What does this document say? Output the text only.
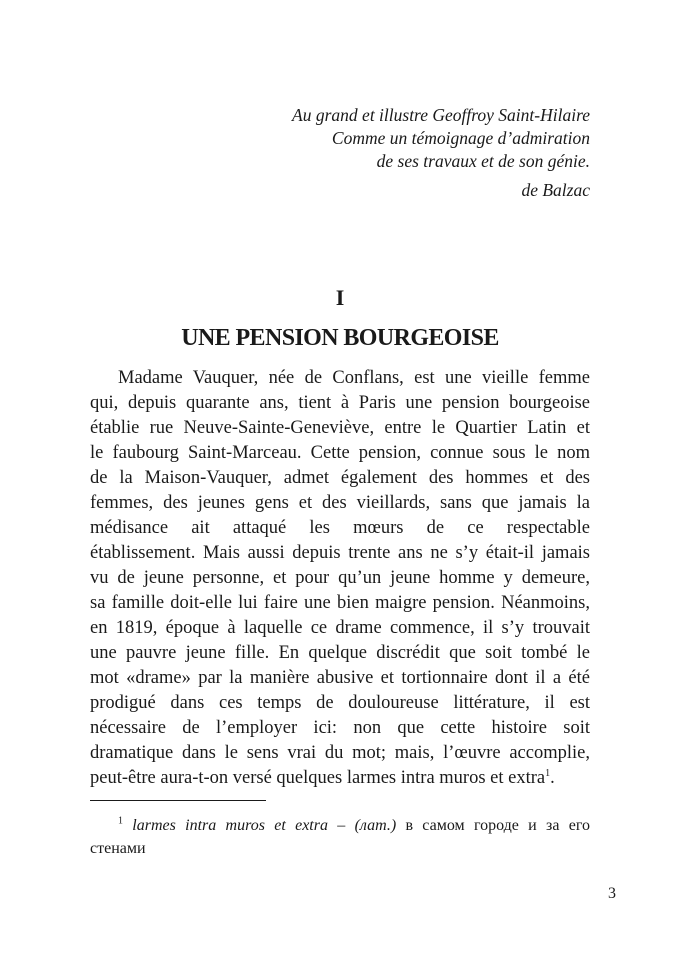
Au grand et illustre Geoffroy Saint-Hilaire
Comme un témoignage d’admiration
de ses travaux et de son génie.
de Balzac
I
UNE PENSION BOURGEOISE
Madame Vauquer, née de Conflans, est une vieille femme
qui, depuis quarante ans, tient à Paris une pension bourgeoise
établie rue Neuve-Sainte-Geneviève, entre le Quartier Latin et
le faubourg Saint-Marceau. Cette pension, connue sous le nom
de la Maison-Vauquer, admet également des hommes et des
femmes, des jeunes gens et des vieillards, sans que jamais la
médisance ait attaqué les mœurs de ce respectable
établissement. Mais aussi depuis trente ans ne s’y était-il jamais
vu de jeune personne, et pour qu’un jeune homme y demeure,
sa famille doit-elle lui faire une bien maigre pension. Néanmoins,
en 1819, époque à laquelle ce drame commence, il s’y trouvait
une pauvre jeune fille. En quelque discrédit que soit tombé le
mot «drame» par la manière abusive et tortionnaire dont il a été
prodigué dans ces temps de douloureuse littérature, il est
nécessaire de l’employer ici: non que cette histoire soit
dramatique dans le sens vrai du mot; mais, l’œuvre accomplie,
peut-être aura-t-on versé quelques larmes intra muros et extra$^1$.
$^1$ larmes intra muros et extra – (лат.) в самом городе и за его
стенами
3
